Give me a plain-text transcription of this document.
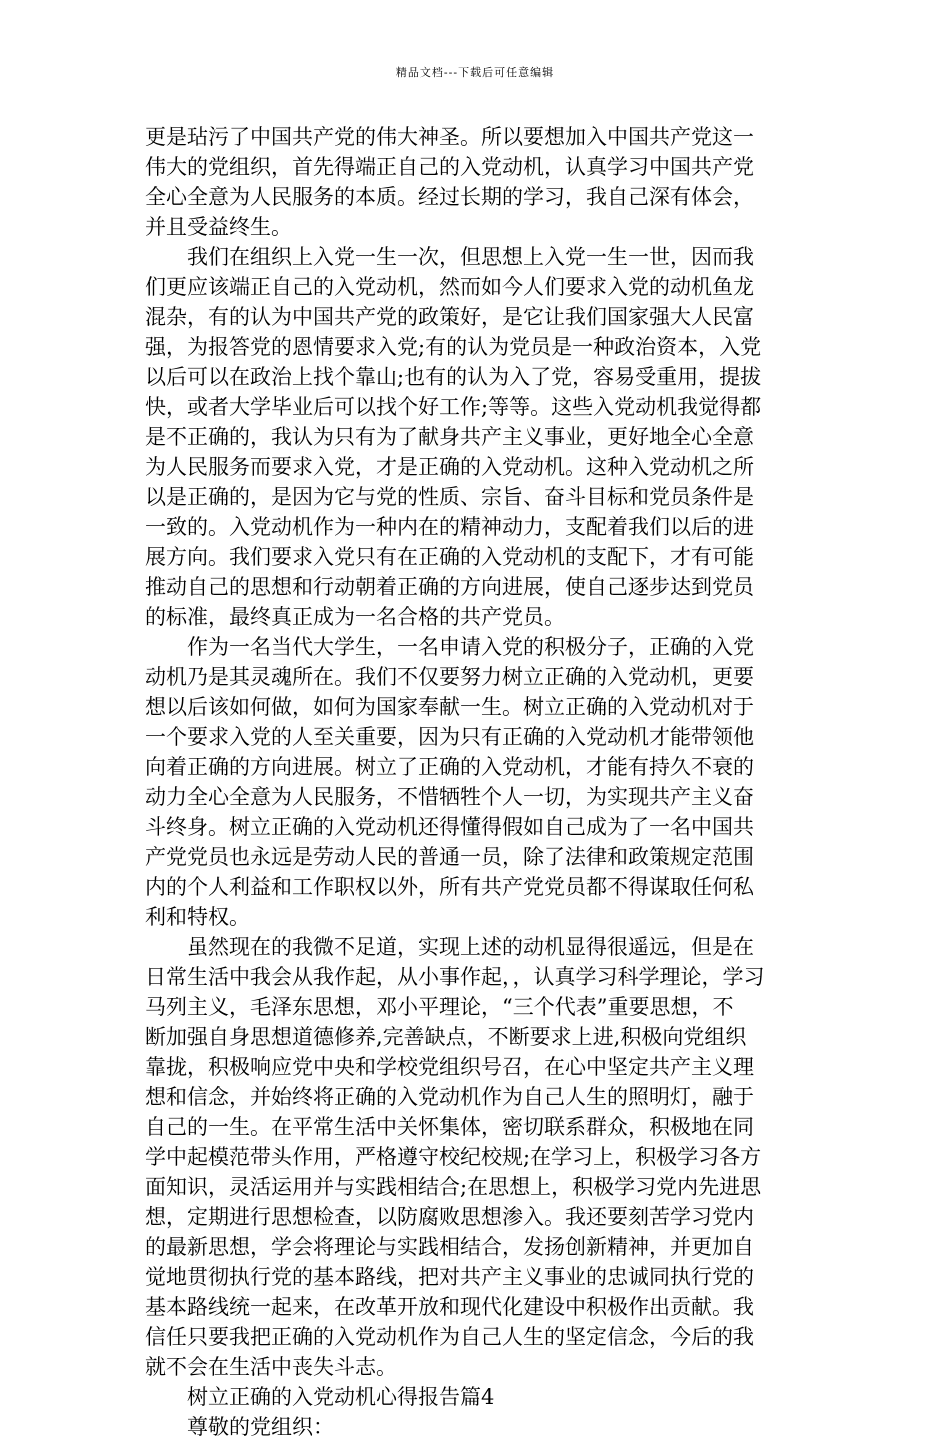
精品文档---下载后可任意编辑
更是玷污了中国共产党的伟大神圣。所以要想加入中国共产党这一
伟大的党组织，首先得端正自己的入党动机，认真学习中国共产党
全心全意为人民服务的本质。经过长期的学习，我自己深有体会，
并且受益终生。
我们在组织上入党一生一次，但思想上入党一生一世，因而我
们更应该端正自己的入党动机，然而如今人们要求入党的动机鱼龙
混杂，有的认为中国共产党的政策好，是它让我们国家强大人民富
强，为报答党的恩情要求入党;有的认为党员是一种政治资本，入党
以后可以在政治上找个靠山;也有的认为入了党，容易受重用，提拔
快，或者大学毕业后可以找个好工作;等等。这些入党动机我觉得都
是不正确的，我认为只有为了献身共产主义事业，更好地全心全意
为人民服务而要求入党，才是正确的入党动机。这种入党动机之所
以是正确的，是因为它与党的性质、宗旨、奋斗目标和党员条件是
一致的。入党动机作为一种内在的精神动力，支配着我们以后的进
展方向。我们要求入党只有在正确的入党动机的支配下，才有可能
推动自己的思想和行动朝着正确的方向进展，使自己逐步达到党员
的标准，最终真正成为一名合格的共产党员。
作为一名当代大学生，一名申请入党的积极分子，正确的入党
动机乃是其灵魂所在。我们不仅要努力树立正确的入党动机，更要
想以后该如何做，如何为国家奉献一生。树立正确的入党动机对于
一个要求入党的人至关重要，因为只有正确的入党动机才能带领他
向着正确的方向进展。树立了正确的入党动机，才能有持久不衰的
动力全心全意为人民服务，不惜牺牲个人一切，为实现共产主义奋
斗终身。树立正确的入党动机还得懂得假如自己成为了一名中国共
产党党员也永远是劳动人民的普通一员，除了法律和政策规定范围
内的个人利益和工作职权以外，所有共产党党员都不得谋取任何私
利和特权。
虽然现在的我微不足道，实现上述的动机显得很遥远，但是在
日常生活中我会从我作起，从小事作起，，认真学习科学理论，学习
马列主义，毛泽东思想，邓小平理论，“三个代表”重要思想，不
断加强自身思想道德修养,完善缺点，不断要求上进,积极向党组织
靠拢，积极响应党中央和学校党组织号召，在心中坚定共产主义理
想和信念，并始终将正确的入党动机作为自己人生的照明灯，融于
自己的一生。在平常生活中关怀集体，密切联系群众，积极地在同
学中起模范带头作用，严格遵守校纪校规;在学习上，积极学习各方
面知识，灵活运用并与实践相结合;在思想上，积极学习党内先进思
想，定期进行思想检查，以防腐败思想渗入。我还要刻苦学习党内
的最新思想，学会将理论与实践相结合，发扬创新精神，并更加自
觉地贯彻执行党的基本路线，把对共产主义事业的忠诚同执行党的
基本路线统一起来，在改革开放和现代化建设中积极作出贡献。我
信任只要我把正确的入党动机作为自己人生的坚定信念，今后的我
就不会在生活中丧失斗志。
树立正确的入党动机心得报告篇4
尊敬的党组织：
